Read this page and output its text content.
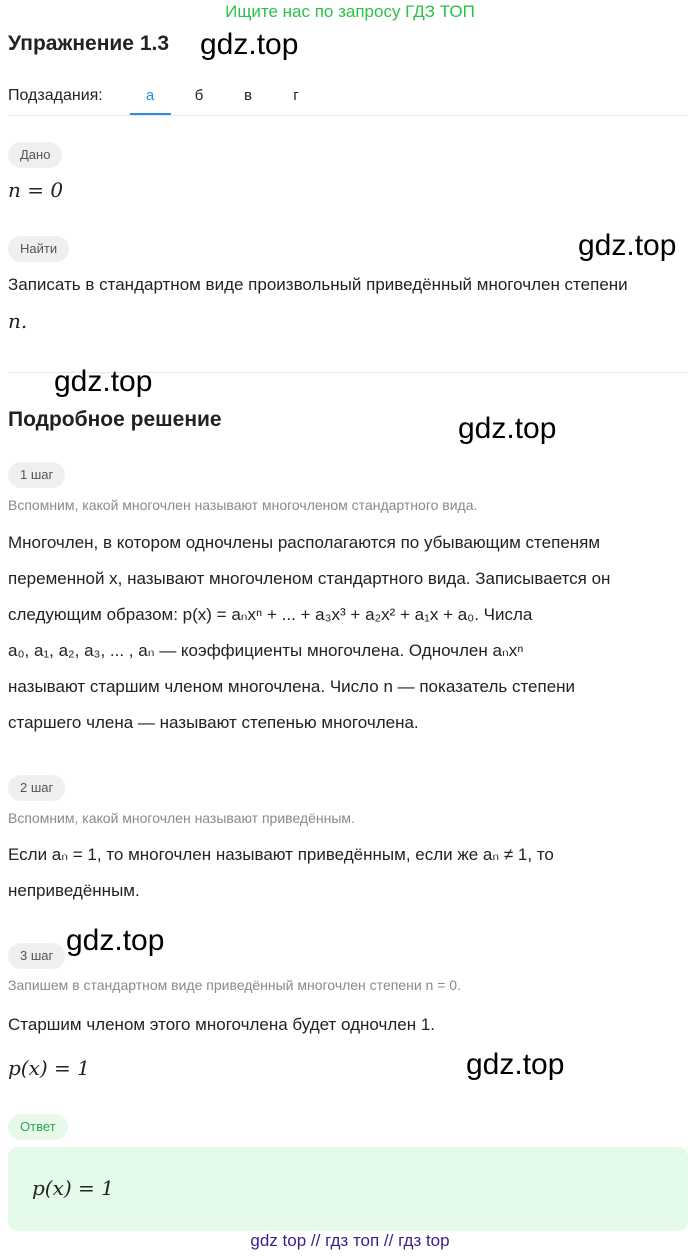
Ищите нас по запросу ГДЗ ТОП
Упражнение 1.3 gdz.top
Подзадания:	а	б	в	г
Дано
n = 0
Найти	gdz.top
Записать в стандартном виде произвольный приведённый многочлен степени
n.
gdz.top
Подробное решение	gdz.top
1 шаг
Вспомним, какой многочлен называют многочленом стандартного вида.
Многочлен, в котором одночлены располагаются по убывающим степеням
переменной x, называют многочленом стандартного вида. Записывается он
следующим образом: p(x) = aₙxⁿ + ... + a₃x³ + a₂x² + a₁x + a₀. Числа
a₀, a₁, a₂, a₃, ... , aₙ — коэффициенты многочлена. Одночлен aₙxⁿ
называют старшим членом многочлена. Число n — показатель степени
старшего члена — называют степенью многочлена.
2 шаг
Вспомним, какой многочлен называют приведённым.
Если aₙ = 1, то многочлен называют приведённым, если же aₙ ≠ 1, то
неприведённым.
3 шаг gdz.top
Запишем в стандартном виде приведённый многочлен степени n = 0.
Старшим членом этого многочлена будет одночлен 1.
p(x) = 1	gdz.top
Ответ
p(x) = 1
gdz top // гдз топ // гдз top
